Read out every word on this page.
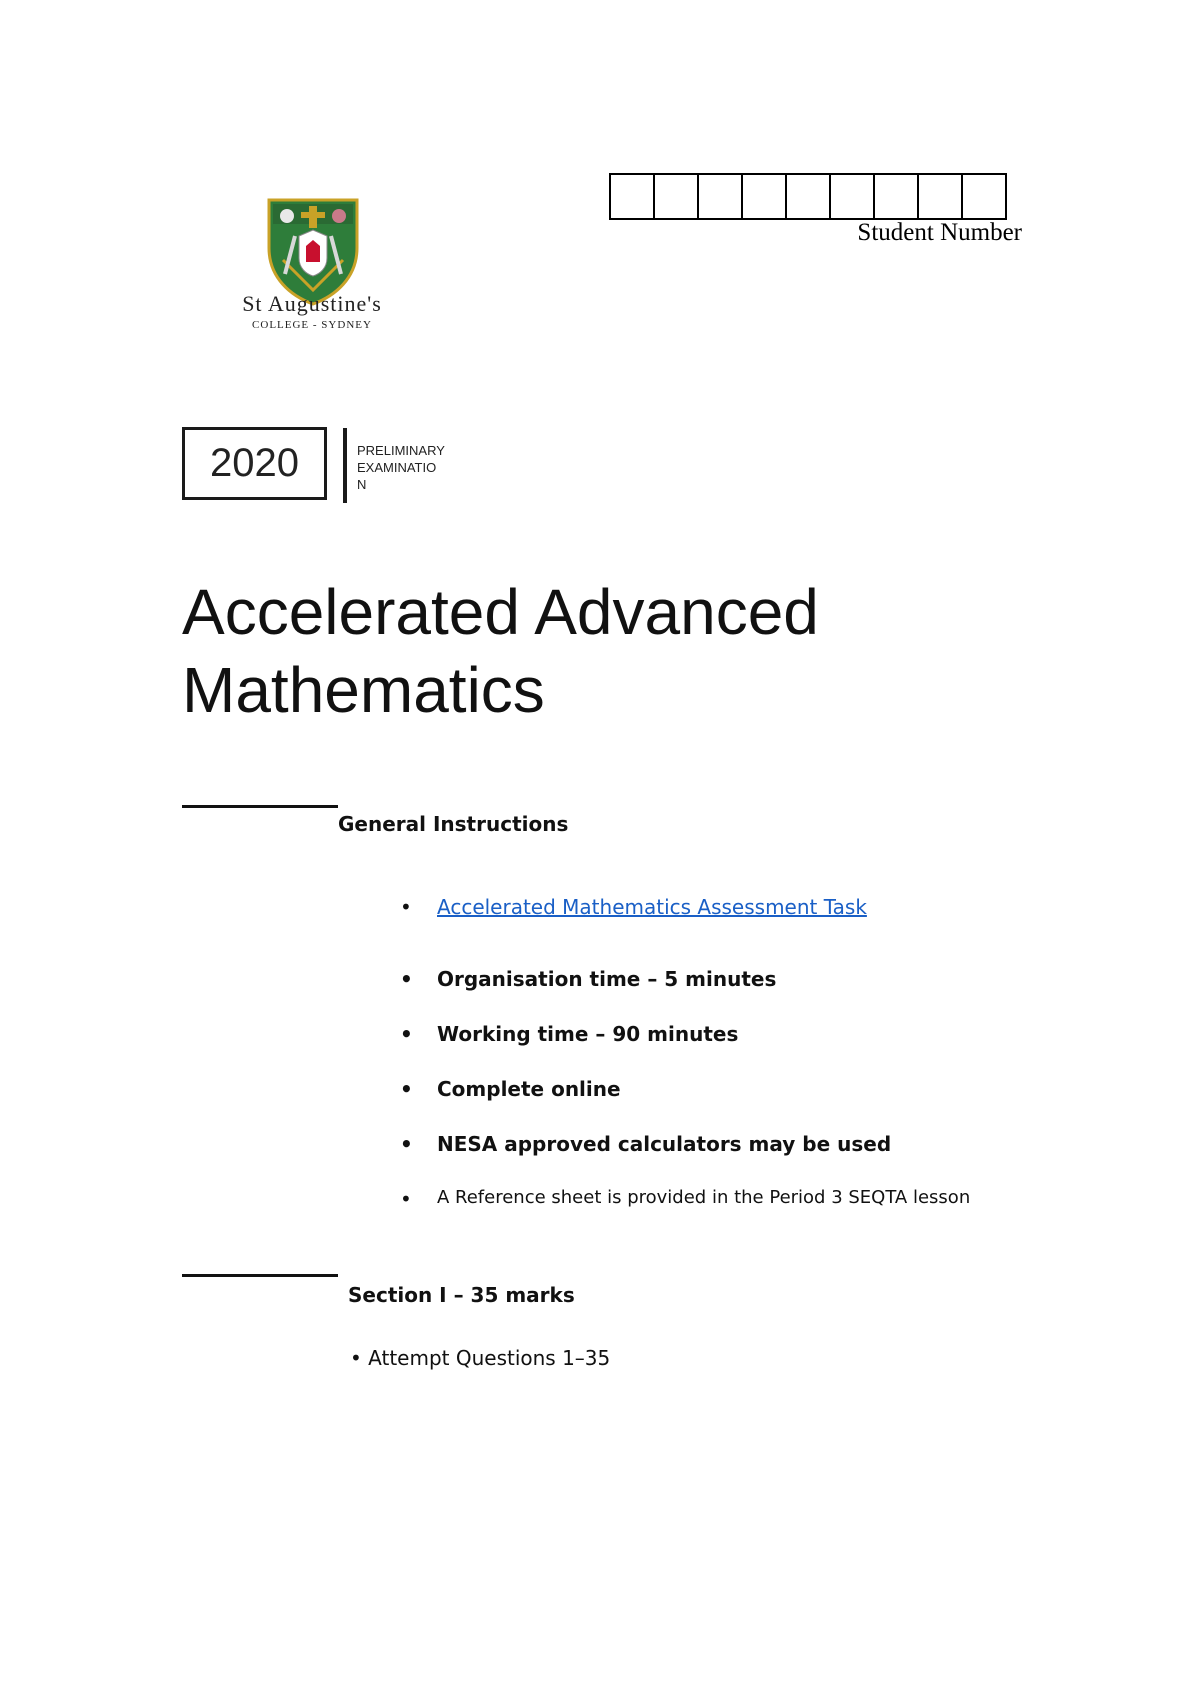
St Augustine's
COLLEGE - SYDNEY
Student Number
2020	PRELIMINARY
EXAMINATIO
N
Accelerated Advanced
Mathematics
General Instructions
• Accelerated Mathematics Assessment Task
• Organisation time – 5 minutes
• Working time – 90 minutes
• Complete online
• NESA approved calculators may be used
• A Reference sheet is provided in the Period 3 SEQTA lesson
Section I – 35 marks
• Attempt Questions 1–35
